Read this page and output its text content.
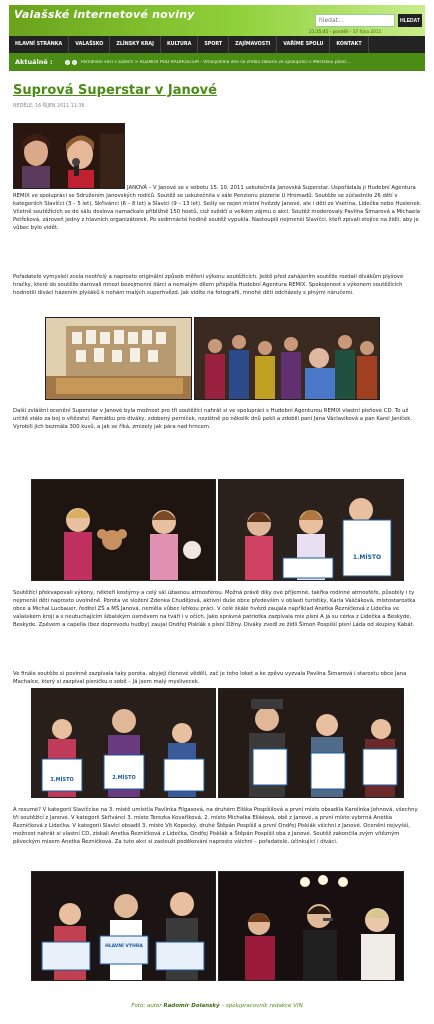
Valašské internetové noviny
hledat...	HLEDAT
21:35:45 - pondělí - 17 října 2011
HLAVNÍ STRÁNKA	VALAŠSKO	ZLÍNSKÝ KRAJ	KULTURA	SPORT	ZAJÍMAVOSTI	VAŘÍME SPOLU	KONTAKT
Aktuálně :	Pomáhání věcí s autech > RUŽNOV POD RADHOŠTĚM - Vítaný/dílna dne se zřídilo zákona ve spolupráci s Městskou policí...
Suprová Superstar v Janové
NEDĚLE, 16 ŘÍJEN 2011 11:36
JANOVÁ – V Janové se v sobotu 15. 10. 2011 uskutečnila Janovská Superstar. Uspořádala ji Hudební Agentura REMIX ve spolupráci se Sdružením Janovských rodičů. Soutěž se uskutečnila v sále Penzionu pizzerie U Hromadů. Soutěže se zúčastnilo 26 dětí v kategoriích Slavíčci (3 – 5 let), Skřivánci (6 – 8 let) a Slavíci (9 – 13 let). Sešly se nejen místní hvězdy Janové, ale i děti ze Vsetína, Lidečka nebo Huslenek. Včetně soutěžících se do sálu doslova namačkalo přibližně 150 hostů, což svědčí o velkém zájmu o akci. Soutěž moderovaly Pavlína Šimarová a Michaela Petřeková, zároveň jedny z hlavních organizátorek. Po sedmnácté hodině soutěž vypukla. Nastoupili nejmenší Slavíčci, kteří zpívali stojíce na židli, aby je vůbec bylo vidět.
Pořadatelé vymysleli zcela neotřelý a naprosto originální způsob měření výkonu soutěžících. Ještě před zahájením soutěže rozdali divákům plyšové hračky, které do soutěže darovali mnozí bezejmenní dárci a nemalým dílem přispěla Hudební Agentura REMIX. Spokojenost s výkonem soutěžících hodnotili diváci házením plyšáků k nohám malých superhvězd. Jak vidíte na fotografii, mnohé děti odcházely s plnými náručemi.
Další zvláštní ocenění Superstar v Janové byla možnost pro tři soutěžící nahrát si ve spolupráci s Hudební Agenturou REMIX vlastní písňové CD. To už určitě stálo za boj o vítězství. Památku pro diváky, zdobený perníček, nezištně po několik dnů pekli a zdobili paní Jana Václavíková a pan Karel Janíček. Vyrobili jich bezmála 300 kusů, a jak se říká, zmizely jak pára nad hrncem.
1.MÍSTO
Soutěžící překvapovali výkony, někteří kostýmy a celý sál úžasnou atmosférou. Možná právě díky ové příjemné, takřka rodinné atmosféře, působily i ty nejmenší děti naprosto uvolněně. Porota ve složení Zdenka Chudějová, aktivní duše obce především v oblasti turistiky, Karla Vaščáková, místostarostka obce a Michal Lucbauer, ředitel ZŠ a MŠ Janová, neměla vůbec lehkou práci. V celé škále hvězd zaujala například Anetka Řezníčková z Lidečka ve valašském kroji a s neutuchajícím šibalským úsměvem na tváři i v očích. Jako správná patriotka zazpívala mix písní A já su cérka z Lidečka a Beskyde, Beskyde. Zpěvem a capella (bez doprovodu hudby) zaujal Ondřej Pisklák s písní Džíny. Diváky zvedl ze židlí Šimon Pospíšil písní Láda od skupiny Kabát.
Ve finále soutěže si povinně zazpívala taky porota, abyjejí členové věděli, zač je toho loket a ke zpěvu vyzvala Pavlína Šimarová i starostu obce Jana Machalce, který si zazpíval písničku o sobě – Já jsem malý myslivecek.
3.MÍSTO	2.MÍSTO
A resumé? V kategorii Slavíčcise na 3. místě umístila Pavlínka Filgasová, na druhém Eliška Pospíšilová a první místo obsadila Karolínka Johnová, všechny tři soutěžící z Janové. V kategorii Skřivánci 3. místo Terezka Kovaříková, 2. místo Michalka Eliášová, obě z Janové, a první místo vybrrná Anetka Řezníčková z Lidečka. V kategorii Slavíci obsadil 3. místo Vít Kopecký, druhé Štěpán Pospíšil a první Ondřej Pisklák všichni z Janové. Ocenění nejvyšší, možnost nahrát si vlastní CD, získali Anetka Řezníčková z Lidečka, Ondřej Pisklák a Štěpán Pospíšil oba z Janové. Soutěž zakončila zvým vítězným pěveckým mixem Anetka Řezníčková. Za tuto akci si zaslouží poděkování naprosto všichni – pořadatelé, účinkující i diváci.
HLAVNÍ VÝHRA
Foto: autor Radomír Dolanský – spolupracovník redakce VIN
